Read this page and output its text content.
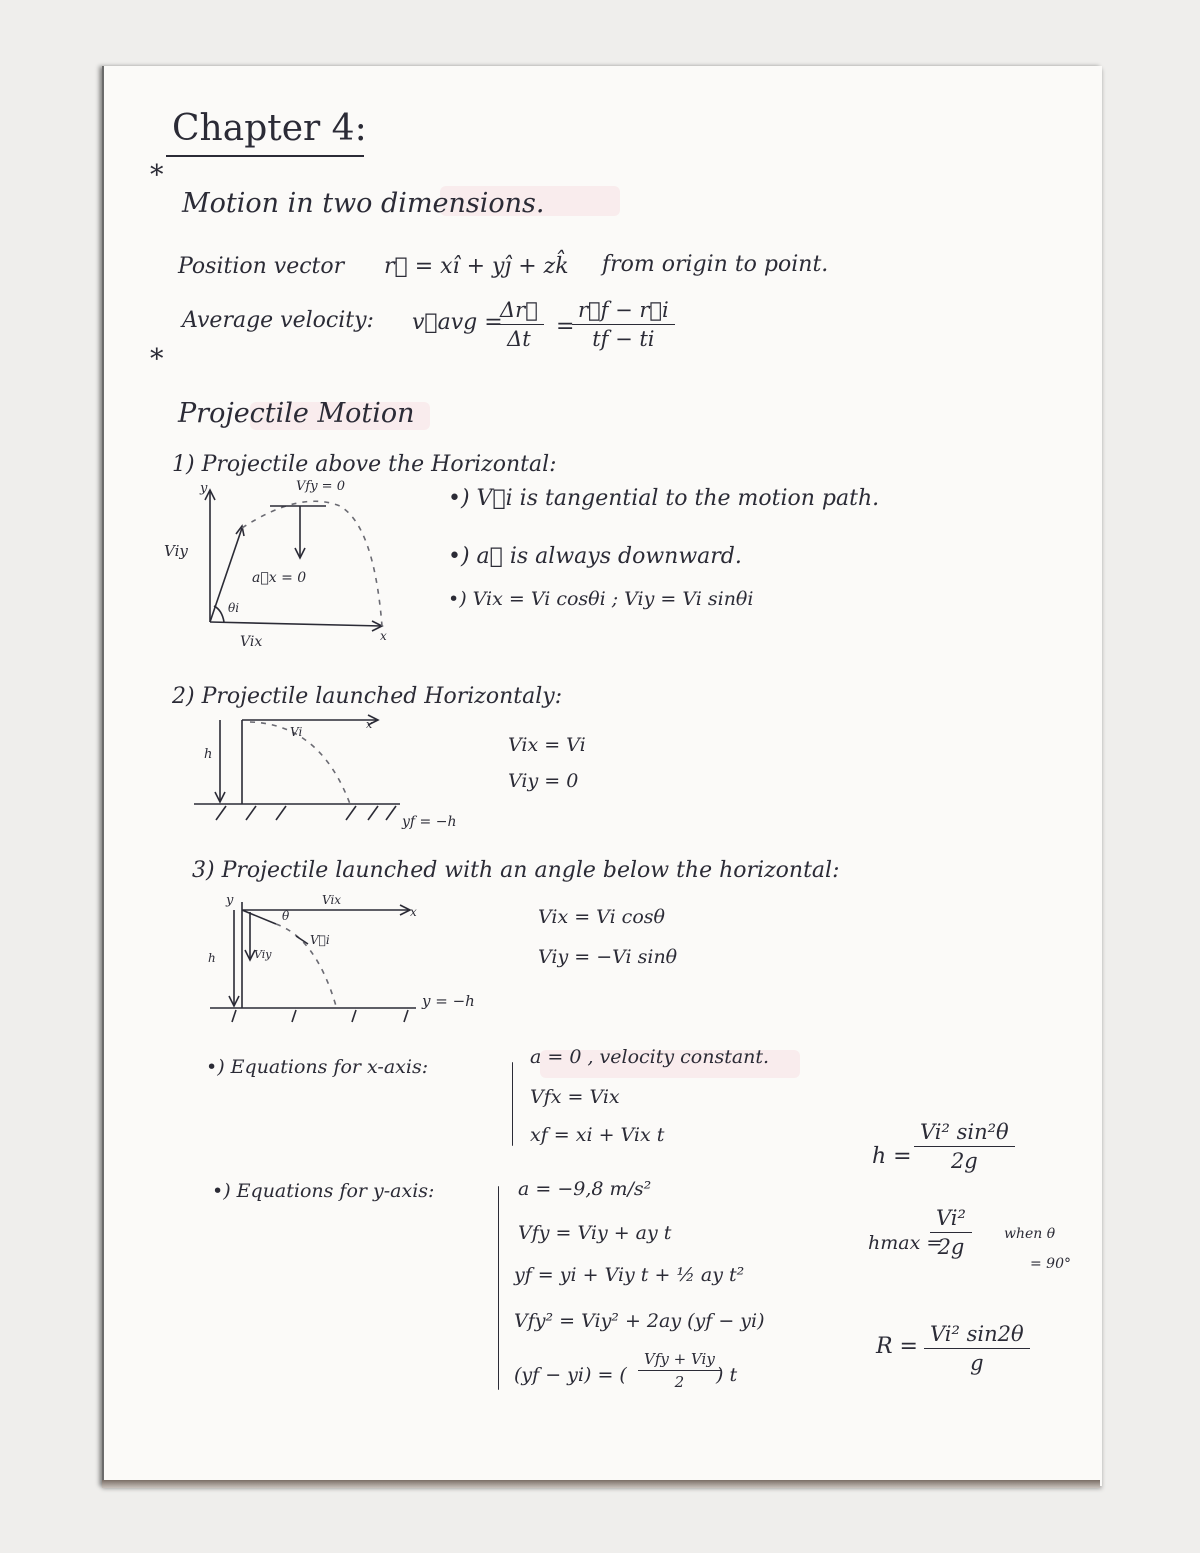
Chapter 4:
*
Motion in two dimensions.
Position vector r⃗ = xî + yĵ + zk̂ from origin to point.
Average velocity: v⃗avg =
$\frac{\Delta r⃗}{\Delta t}$ =
$\frac{r⃗f - r⃗i}{tf - ti}$
*
Projectile Motion
1) Projectile above the Horizontal:
•) V⃗i is tangential to the motion path.
•) a⃗ is always downward.
•) Vix = Vi cosθi ; Viy = Vi sinθi
y	Vfy = 0
Viy
a⃗x = 0
θi
Vix	x
2) Projectile launched Horizontaly:
Vix = Vi
Viy = 0
h
Vi
x
yf = −h
3) Projectile launched with an angle below the horizontal:
Vix = Vi cosθ
Viy = −Vi sinθ
y
θ
Vix
x
h	Viy
V⃗i
y = −h
•) Equations for x-axis:	a = 0 , velocity constant.
Vfx = Vix
xf = xi + Vix t
•) Equations for y-axis:	a = −9,8 m/s²
Vfy = Viy + ay t
yf = yi + Viy t + ½ ay t²
Vfy² = Viy² + 2ay (yf − yi)
(yf − yi) = (
Vfy + Viy
2 ) t
$h = \frac{\text{Vi² sin²θ}}{2g}$
hmax =
$\frac{\text{Vi²}}{2g}$ when θ
= 90°
$R = \frac{\text{Vi² sin2θ}}{g}$
